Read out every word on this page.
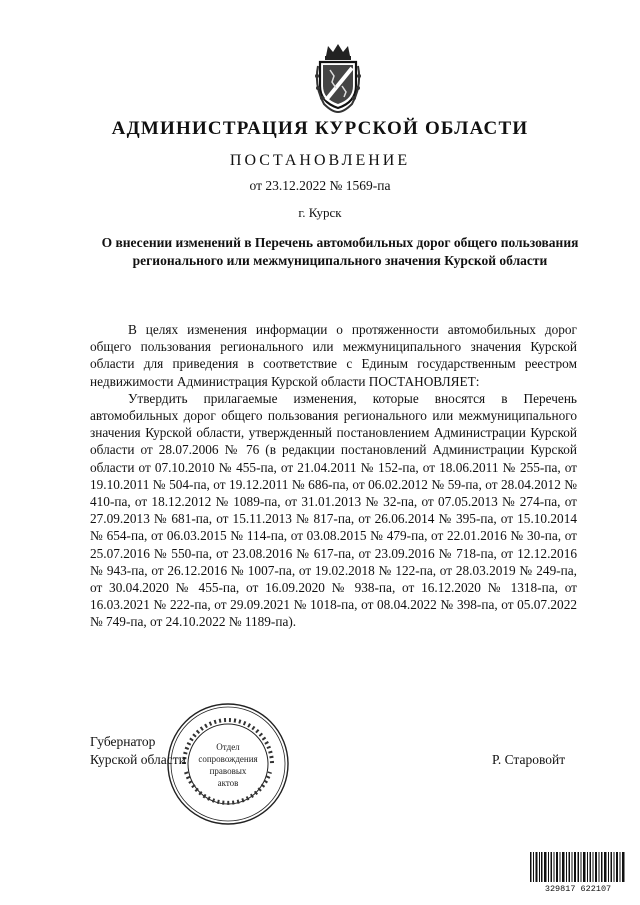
АДМИНИСТРАЦИЯ КУРСКОЙ ОБЛАСТИ
ПОСТАНОВЛЕНИЕ
от 23.12.2022 № 1569-па
г. Курск
О внесении изменений в Перечень автомобильных дорог общего пользования регионального или межмуниципального значения Курской области

В целях изменения информации о протяженности автомобильных дорог общего пользования регионального или межмуниципального значения Курской области для приведения в соответствие с Единым государственным реестром недвижимости Администрация Курской области ПОСТАНОВЛЯЕТ:

Утвердить прилагаемые изменения, которые вносятся в Перечень автомобильных дорог общего пользования регионального или межмуниципального значения Курской области, утвержденный постановлением Администрации Курской области от 28.07.2006 № 76 (в редакции постановлений Администрации Курской области от 07.10.2010 № 455-па, от 21.04.2011 № 152-па, от 18.06.2011 № 255-па, от 19.10.2011 № 504-па, от 19.12.2011 № 686-па, от 06.02.2012 № 59-па, от 28.04.2012 № 410-па, от 18.12.2012 № 1089-па, от 31.01.2013 № 32-па, от 07.05.2013 № 274-па, от 27.09.2013 № 681-па, от 15.11.2013 № 817-па, от 26.06.2014 № 395-па, от 15.10.2014 № 654-па, от 06.03.2015 № 114-па, от 03.08.2015 № 479-па, от 22.01.2016 № 30-па, от 25.07.2016 № 550-па, от 23.08.2016 № 617-па, от 23.09.2016 № 718-па, от 12.12.2016 № 943-па, от 26.12.2016 № 1007-па, от 19.02.2018 № 122-па, от 28.03.2019 № 249-па, от 30.04.2020 № 455-па, от 16.09.2020 № 938-па, от 16.12.2020 № 1318-па, от 16.03.2021 № 222-па, от 29.09.2021 № 1018-па, от 08.04.2022 № 398-па, от 05.07.2022 № 749-па, от 24.10.2022 № 1189-па).

Отдел
сопровождения
правовых
актов
Губернатор
Курской области	Р. Старовойт
329817 622107
